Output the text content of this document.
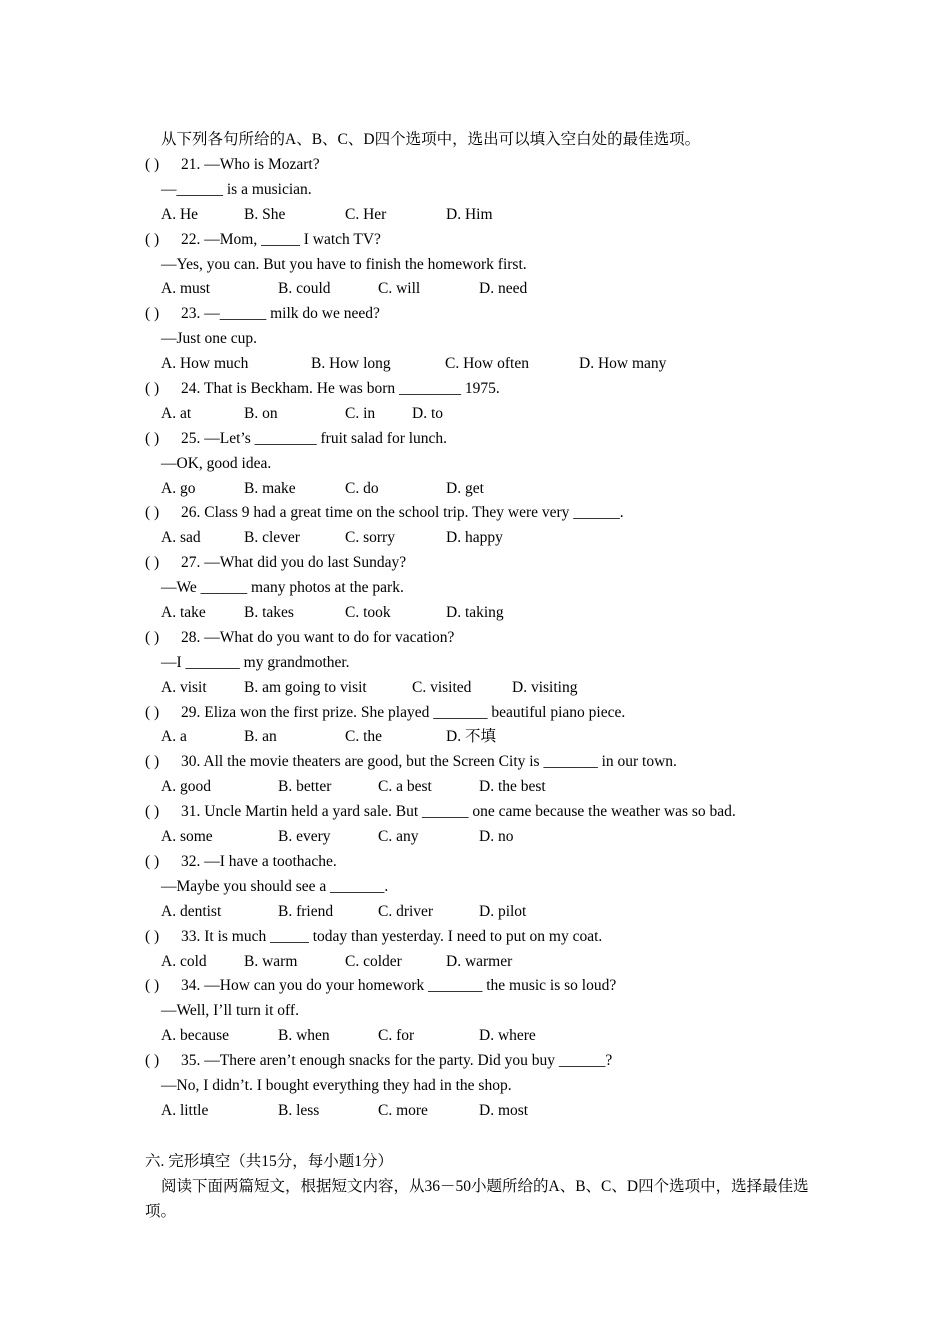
从下列各句所给的A、B、C、D四个选项中，选出可以填入空白处的最佳选项。
( ) 21. —Who is Mozart?
—______ is a musician.
A. He	B. She	C. Her	D. Him
( ) 22. —Mom, _____ I watch TV?
—Yes, you can. But you have to finish the homework first.
A. must	B. could	C. will	D. need
( ) 23. —______ milk do we need?
—Just one cup.
A. How much	B. How long	C. How often	D. How many
( ) 24. That is Beckham. He was born ________ 1975.
A. at	B. on	C. in D. to
( ) 25. —Let’s ________ fruit salad for lunch.
—OK, good idea.
A. go	B. make	C. do	D. get
( ) 26. Class 9 had a great time on the school trip. They were very ______.
A. sad	B. clever	C. sorry	D. happy
( ) 27. —What did you do last Sunday?
—We ______ many photos at the park.
A. take B. takes	C. took	D. taking
( ) 28. —What do you want to do for vacation?
—I _______ my grandmother.
A. visit B. am going to visit	C. visited	D. visiting
( ) 29. Eliza won the first prize. She played _______ beautiful piano piece.
A. a	B. an	C. the	D. 不填
( ) 30. All the movie theaters are good, but the Screen City is _______ in our town.
A. good	B. better	C. a best	D. the best
( ) 31. Uncle Martin held a yard sale. But ______ one came because the weather was so bad.
A. some	B. every	C. any	D. no
( ) 32. —I have a toothache.
—Maybe you should see a _______.
A. dentist	B. friend	C. driver	D. pilot
( ) 33. It is much _____ today than yesterday. I need to put on my coat.
A. cold B. warm	C. colder	D. warmer
( ) 34. —How can you do your homework _______ the music is so loud?
—Well, I’ll turn it off.
A. because	B. when	C. for	D. where
( ) 35. —There aren’t enough snacks for the party. Did you buy ______?
—No, I didn’t. I bought everything they had in the shop.
A. little	B. less	C. more	D. most
六. 完形填空（共15分，每小题1分）
阅读下面两篇短文，根据短文内容，从36－50小题所给的A、B、C、D四个选项中，选择最佳选项。
